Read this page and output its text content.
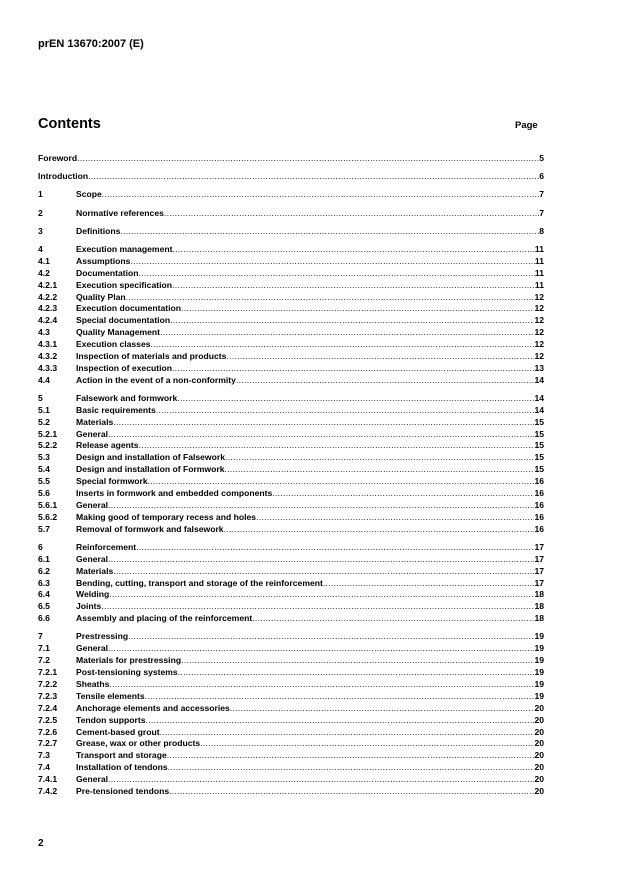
prEN 13670:2007 (E)
Contents	Page
Foreword .....	5
Introduction .....	6
1	Scope .....	7
2	Normative references .....	7
3	Definitions .....	8
4	Execution management .....	11
4.1	Assumptions .....	11
4.2	Documentation .....	11
4.2.1	Execution specification .....	11
4.2.2	Quality Plan .....	12
4.2.3	Execution documentation .....	12
4.2.4	Special documentation .....	12
4.3	Quality Management .....	12
4.3.1	Execution classes .....	12
4.3.2	Inspection of materials and products .....	12
4.3.3	Inspection of execution .....	13
4.4	Action in the event of a non-conformity .....	14
5	Falsework and formwork .....	14
5.1	Basic requirements .....	14
5.2	Materials .....	15
5.2.1	General .....	15
5.2.2	Release agents .....	15
5.3	Design and installation of Falsework .....	15
5.4	Design and installation of Formwork .....	15
5.5	Special formwork .....	16
5.6	Inserts in formwork and embedded components .....	16
5.6.1	General .....	16
5.6.2	Making good of temporary recess and holes .....	16
5.7	Removal of formwork and falsework .....	16
6	Reinforcement .....	17
6.1	General .....	17
6.2	Materials .....	17
6.3	Bending, cutting, transport and storage of the reinforcement .....	17
6.4	Welding .....	18
6.5	Joints .....	18
6.6	Assembly and placing of the reinforcement .....	18
7	Prestressing .....	19
7.1	General .....	19
7.2	Materials for prestressing .....	19
7.2.1	Post-tensioning systems .....	19
7.2.2	Sheaths .....	19
7.2.3	Tensile elements .....	19
7.2.4	Anchorage elements and accessories .....	20
7.2.5	Tendon supports .....	20
7.2.6	Cement-based grout .....	20
7.2.7	Grease, wax or other products .....	20
7.3	Transport and storage .....	20
7.4	Installation of tendons .....	20
7.4.1	General .....	20
7.4.2	Pre-tensioned tendons .....	20
2
